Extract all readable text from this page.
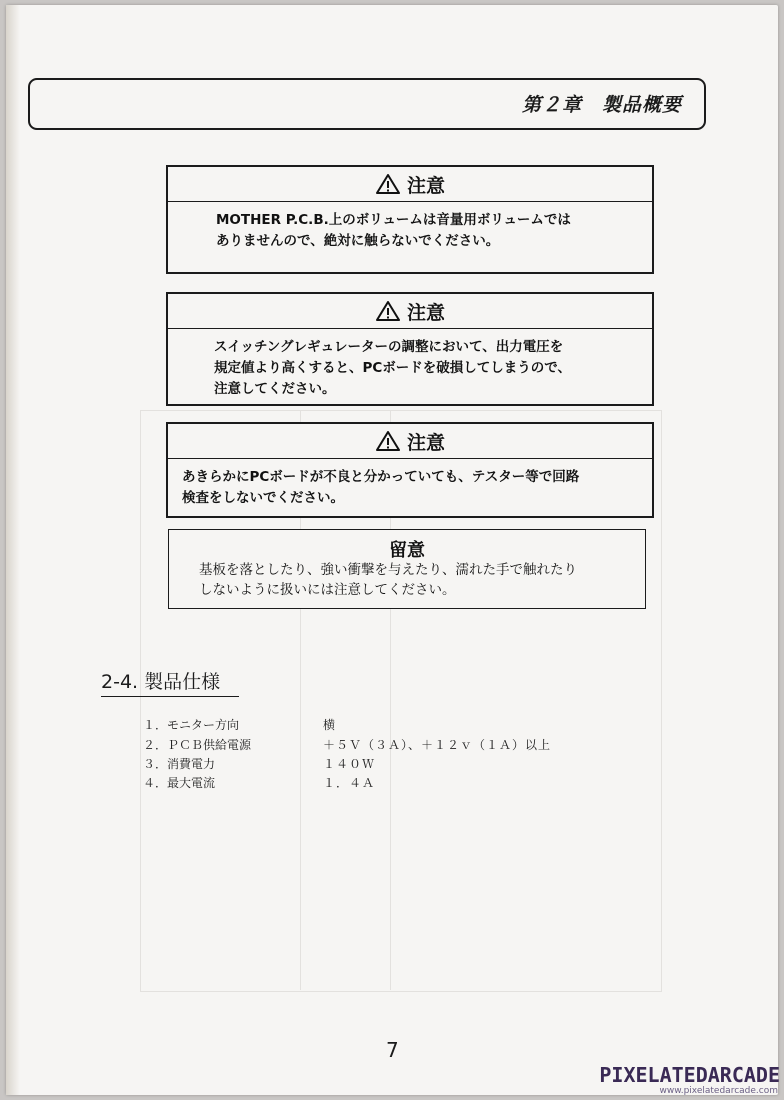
第２章　製品概要
注意
MOTHER P.C.B.上のボリュームは音量用ボリュームでは
ありませんので、絶対に触らないでください。
注意
スイッチングレギュレーターの調整において、出力電圧を
規定値より高くすると、PCボードを破損してしまうので、
注意してください。
注意
あきらかにPCボードが不良と分かっていても、テスター等で回路
検査をしないでください。
留意
基板を落としたり、強い衝撃を与えたり、濡れた手で触れたり
しないように扱いには注意してください。
2-4. 製品仕様
１．モニター方向	横
２．ＰＣＢ供給電源	＋５Ｖ（３Ａ）、＋１２ｖ（１Ａ）以上
３．消費電力	１４０Ｗ
４．最大電流	１．４Ａ
7
PIXELATEDARCADE
www.pixelatedarcade.com
